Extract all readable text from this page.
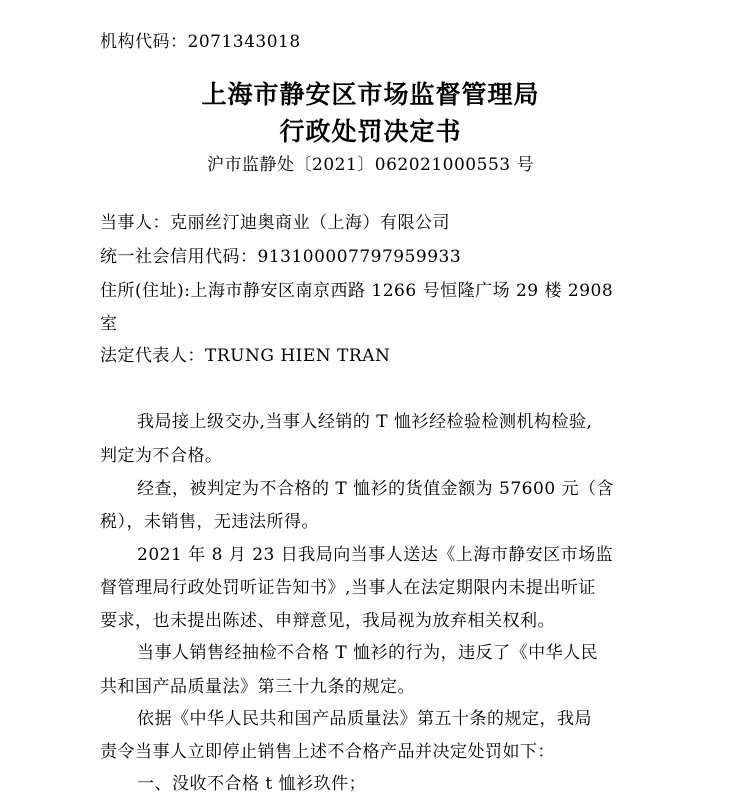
机构代码：2071343018
上海市静安区市场监督管理局
行政处罚决定书
沪市监静处〔2021〕062021000553 号
当事人：克丽丝汀迪奥商业（上海）有限公司
统一社会信用代码：913100007797959933
住所(住址):上海市静安区南京西路 1266 号恒隆广场 29 楼 2908
室
法定代表人：TRUNG HIEN TRAN
我局接上级交办,当事人经销的 T 恤衫经检验检测机构检验,
判定为不合格。
经查，被判定为不合格的 T 恤衫的货值金额为 57600 元（含
税），未销售，无违法所得。
2021 年 8 月 23 日我局向当事人送达《上海市静安区市场监
督管理局行政处罚听证告知书》,当事人在法定期限内未提出听证
要求，也未提出陈述、申辩意见，我局视为放弃相关权利。
当事人销售经抽检不合格 T 恤衫的行为，违反了《中华人民
共和国产品质量法》第三十九条的规定。
依据《中华人民共和国产品质量法》第五十条的规定，我局
责令当事人立即停止销售上述不合格产品并决定处罚如下：
一、没收不合格 t 恤衫玖件；
